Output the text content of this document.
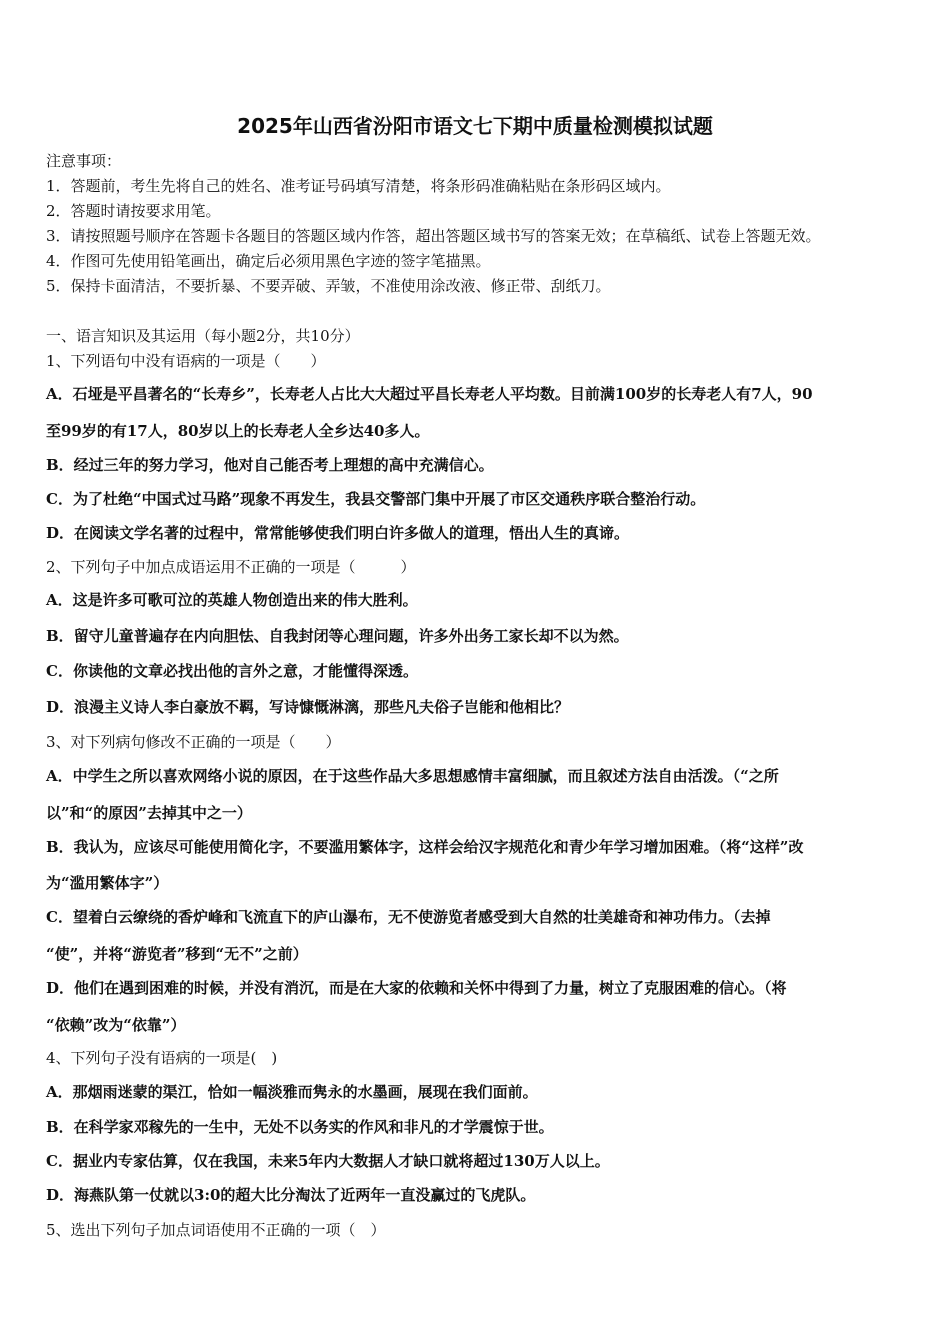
2025年山西省汾阳市语文七下期中质量检测模拟试题
注意事项：
1．答题前，考生先将自己的姓名、准考证号码填写清楚，将条形码准确粘贴在条形码区域内。
2．答题时请按要求用笔。
3．请按照题号顺序在答题卡各题目的答题区域内作答，超出答题区域书写的答案无效；在草稿纸、试卷上答题无效。
4．作图可先使用铅笔画出，确定后必须用黑色字迹的签字笔描黑。
5．保持卡面清洁，不要折暴、不要弄破、弄皱，不准使用涂改液、修正带、刮纸刀。
一、语言知识及其运用（每小题2分，共10分）
1、下列语句中没有语病的一项是（　　）
A．石垭是平昌著名的“长寿乡”，长寿老人占比大大超过平昌长寿老人平均数。目前满100岁的长寿老人有7人，90
至99岁的有17人，80岁以上的长寿老人全乡达40多人。
B．经过三年的努力学习，他对自己能否考上理想的高中充满信心。
C．为了杜绝“中国式过马路”现象不再发生，我县交警部门集中开展了市区交通秩序联合整治行动。
D．在阅读文学名著的过程中，常常能够使我们明白许多做人的道理，悟出人生的真谛。
2、下列句子中加点成语运用不正确的一项是（　　　）
A．这是许多可歌可泣的英雄人物创造出来的伟大胜利。
B．留守儿童普遍存在内向胆怯、自我封闭等心理问题，许多外出务工家长却不以为然。
C．你读他的文章必找出他的言外之意，才能懂得深透。
D．浪漫主义诗人李白豪放不羁，写诗慷慨淋漓，那些凡夫俗子岂能和他相比？
3、对下列病句修改不正确的一项是（　　）
A．中学生之所以喜欢网络小说的原因，在于这些作品大多思想感情丰富细腻，而且叙述方法自由活泼。（“之所
以”和“的原因”去掉其中之一）
B．我认为，应该尽可能使用简化字，不要滥用繁体字，这样会给汉字规范化和青少年学习增加困难。（将“这样”改
为“滥用繁体字”）
C．望着白云缭绕的香炉峰和飞流直下的庐山瀑布，无不使游览者感受到大自然的壮美雄奇和神功伟力。（去掉
“使”，并将“游览者”移到“无不”之前）
D．他们在遇到困难的时候，并没有消沉，而是在大家的依赖和关怀中得到了力量，树立了克服困难的信心。（将
“依赖”改为“依靠”）
4、下列句子没有语病的一项是(　)
A．那烟雨迷蒙的渠江，恰如一幅淡雅而隽永的水墨画，展现在我们面前。
B．在科学家邓稼先的一生中，无处不以务实的作风和非凡的才学震惊于世。
C．据业内专家估算，仅在我国，未来5年内大数据人才缺口就将超过130万人以上。
D．海燕队第一仗就以3:0的超大比分淘汰了近两年一直没赢过的飞虎队。
5、选出下列句子加点词语使用不正确的一项（　）
